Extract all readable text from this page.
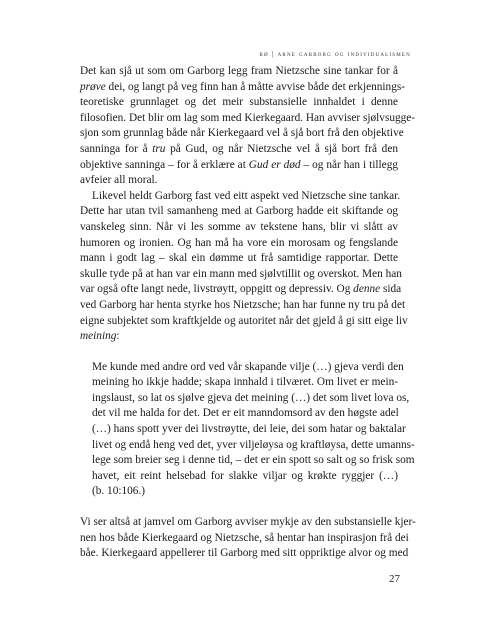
bø | arne garborg og individualismen

Det kan sjå ut som om Garborg legg fram Nietzsche sine tankar for å
prøve dei, og langt på veg finn han å måtte avvise både det erkjennings-
teoretiske grunnlaget og det meir substansielle innhaldet i denne
filosofien. Det blir om lag som med Kierkegaard. Han avviser sjølvsugge-
sjon som grunnlag både når Kierkegaard vel å sjå bort frå den objektive
sanninga for å tru på Gud, og når Nietzsche vel å sjå bort frå den
objektive sanninga – for å erklære at Gud er død – og når han i tillegg
avfeier all moral.

Likevel heldt Garborg fast ved eitt aspekt ved Nietzsche sine tankar.

Dette har utan tvil samanheng med at Garborg hadde eit skiftande og
vanskeleg sinn. Når vi les somme av tekstene hans, blir vi slått av
humoren og ironien. Og han må ha vore ein morosam og fengslande
mann i godt lag – skal ein dømme ut frå samtidige rapportar. Dette
skulle tyde på at han var ein mann med sjølvtillit og overskot. Men han
var også ofte langt nede, livstrøytt, oppgitt og depressiv. Og denne sida
ved Garborg har henta styrke hos Nietzsche; han har funne ny tru på det
eigne subjektet som kraftkjelde og autoritet når det gjeld å gi sitt eige liv
meining:

Me kunde med andre ord ved vår skapande vilje (…) gjeva verdi den
meining ho ikkje hadde; skapa innhald i tilværet. Om livet er mein-
ingslaust, so lat os sjølve gjeva det meining (…) det som livet lova os,
det vil me halda for det. Det er eit manndomsord av den høgste adel
(…) hans spott yver dei livstrøytte, dei leie, dei som hatar og baktalar
livet og endå heng ved det, yver viljeløysa og kraftløysa, dette umanns-
lege som breier seg i denne tid, – det er ein spott so salt og so frisk som
havet, eit reint helsebad for slakke viljar og krøkte ryggjer (…)
(b. 10:106.)

Vi ser altså at jamvel om Garborg avviser mykje av den substansielle kjer-
nen hos både Kierkegaard og Nietzsche, så hentar han inspirasjon frå dei
båe. Kierkegaard appellerer til Garborg med sitt oppriktige alvor og med

27
